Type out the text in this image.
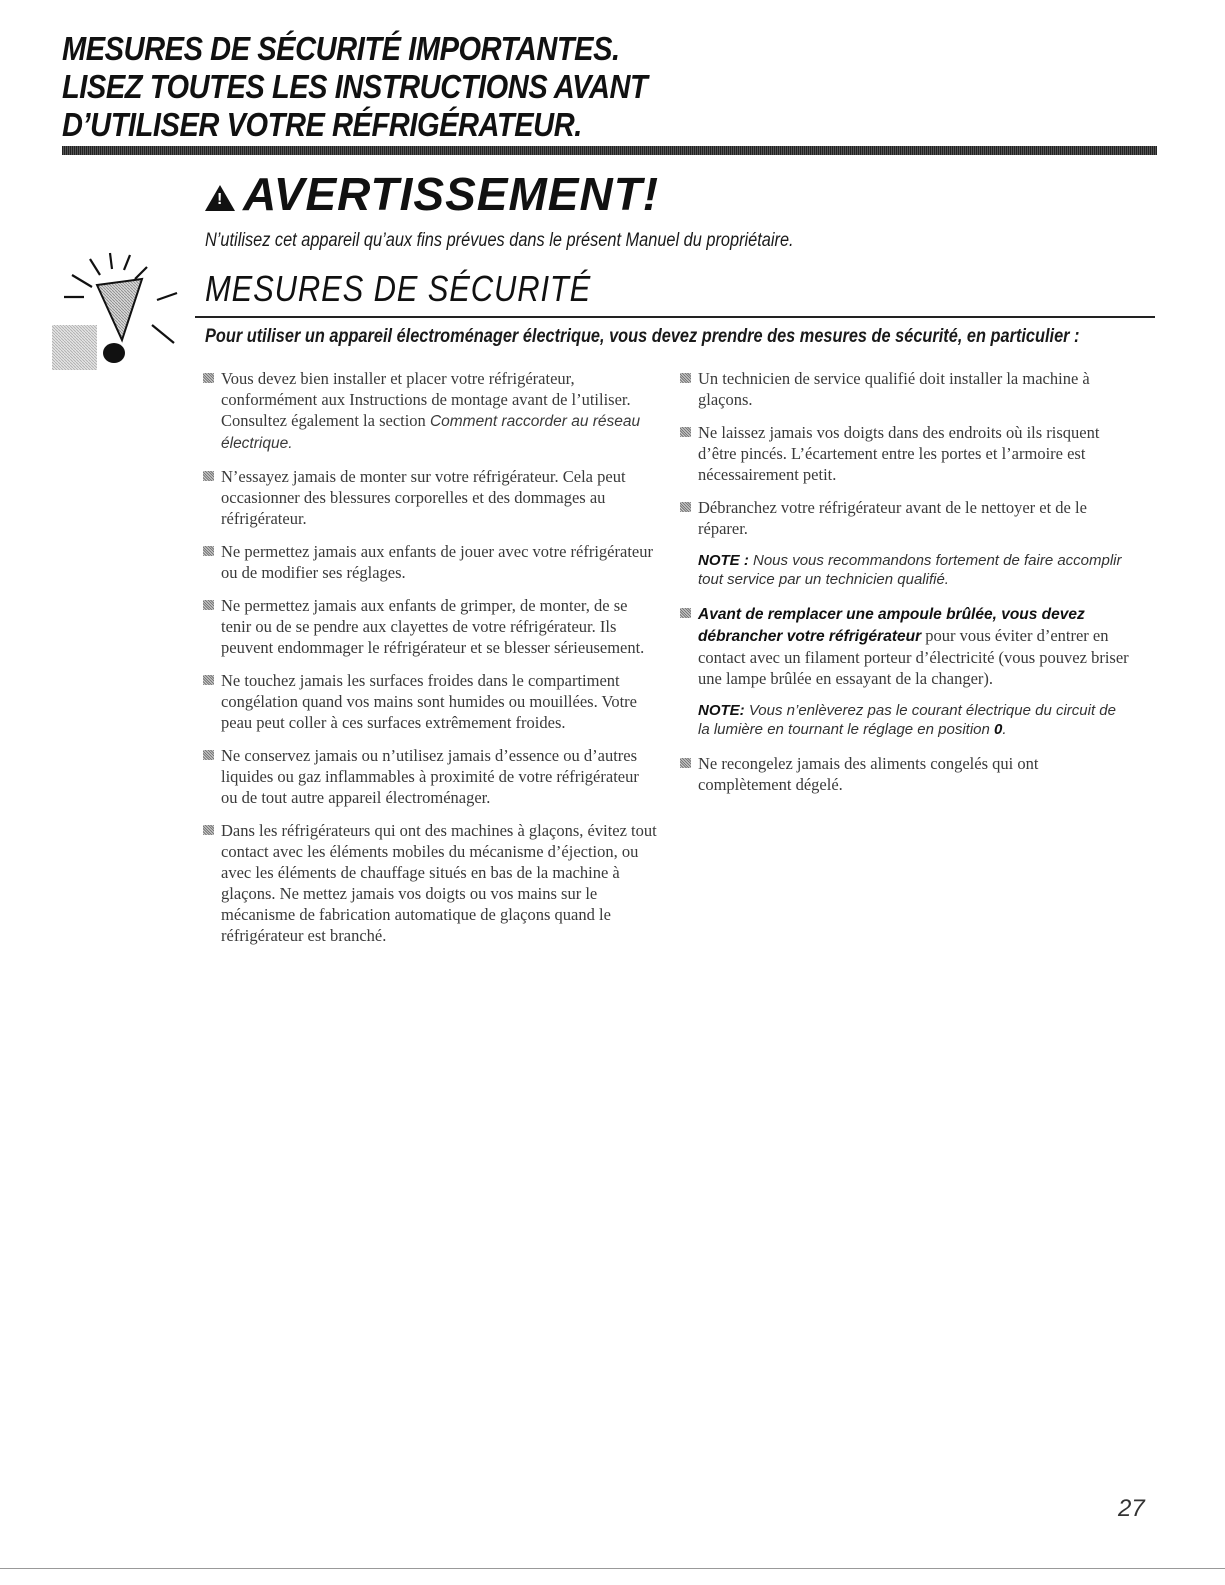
MESURES DE SÉCURITÉ IMPORTANTES.

LISEZ TOUTES LES INSTRUCTIONS AVANT

D’UTILISER VOTRE RÉFRIGÉRATEUR.

!
AVERTISSEMENT!
N’utilisez cet appareil qu’aux fins prévues dans le présent Manuel du propriétaire.
MESURES DE SÉCURITÉ
Pour utiliser un appareil électroménager électrique, vous devez prendre des mesures de sécurité, en particulier :
Vous devez bien installer et placer votre réfrigérateur, conformément aux Instructions de montage avant de l’utiliser. Consultez également la section Comment raccorder au réseau électrique.
N’essayez jamais de monter sur votre réfrigérateur. Cela peut occasionner des blessures corporelles et des dommages au réfrigérateur.
Ne permettez jamais aux enfants de jouer avec votre réfrigérateur ou de modifier ses réglages.
Ne permettez jamais aux enfants de grimper, de monter, de se tenir ou de se pendre aux clayettes de votre réfrigérateur. Ils peuvent endommager le réfrigérateur et se blesser sérieusement.
Ne touchez jamais les surfaces froides dans le compartiment congélation quand vos mains sont humides ou mouillées. Votre peau peut coller à ces surfaces extrêmement froides.
Ne conservez jamais ou n’utilisez jamais d’essence ou d’autres liquides ou gaz inflammables à proximité de votre réfrigérateur ou de tout autre appareil électroménager.
Dans les réfrigérateurs qui ont des machines à glaçons, évitez tout contact avec les éléments mobiles du mécanisme d’éjection, ou avec les éléments de chauffage situés en bas de la machine à glaçons. Ne mettez jamais vos doigts ou vos mains sur le mécanisme de fabrication automatique de glaçons quand le réfrigérateur est branché.
Un technicien de service qualifié doit installer la machine à glaçons.
Ne laissez jamais vos doigts dans des endroits où ils risquent d’être pincés. L’écartement entre les portes et l’armoire est nécessairement petit.
Débranchez votre réfrigérateur avant de le nettoyer et de le réparer.
NOTE : Nous vous recommandons fortement de faire accomplir tout service par un technicien qualifié.
Avant de remplacer une ampoule brûlée, vous devez débrancher votre réfrigérateur pour vous éviter d’entrer en contact avec un filament porteur d’électricité (vous pouvez briser une lampe brûlée en essayant de la changer).
NOTE: Vous n’enlèverez pas le courant électrique du circuit de la lumière en tournant le réglage en position 0.
Ne recongelez jamais des aliments congelés qui ont complètement dégelé.
27
